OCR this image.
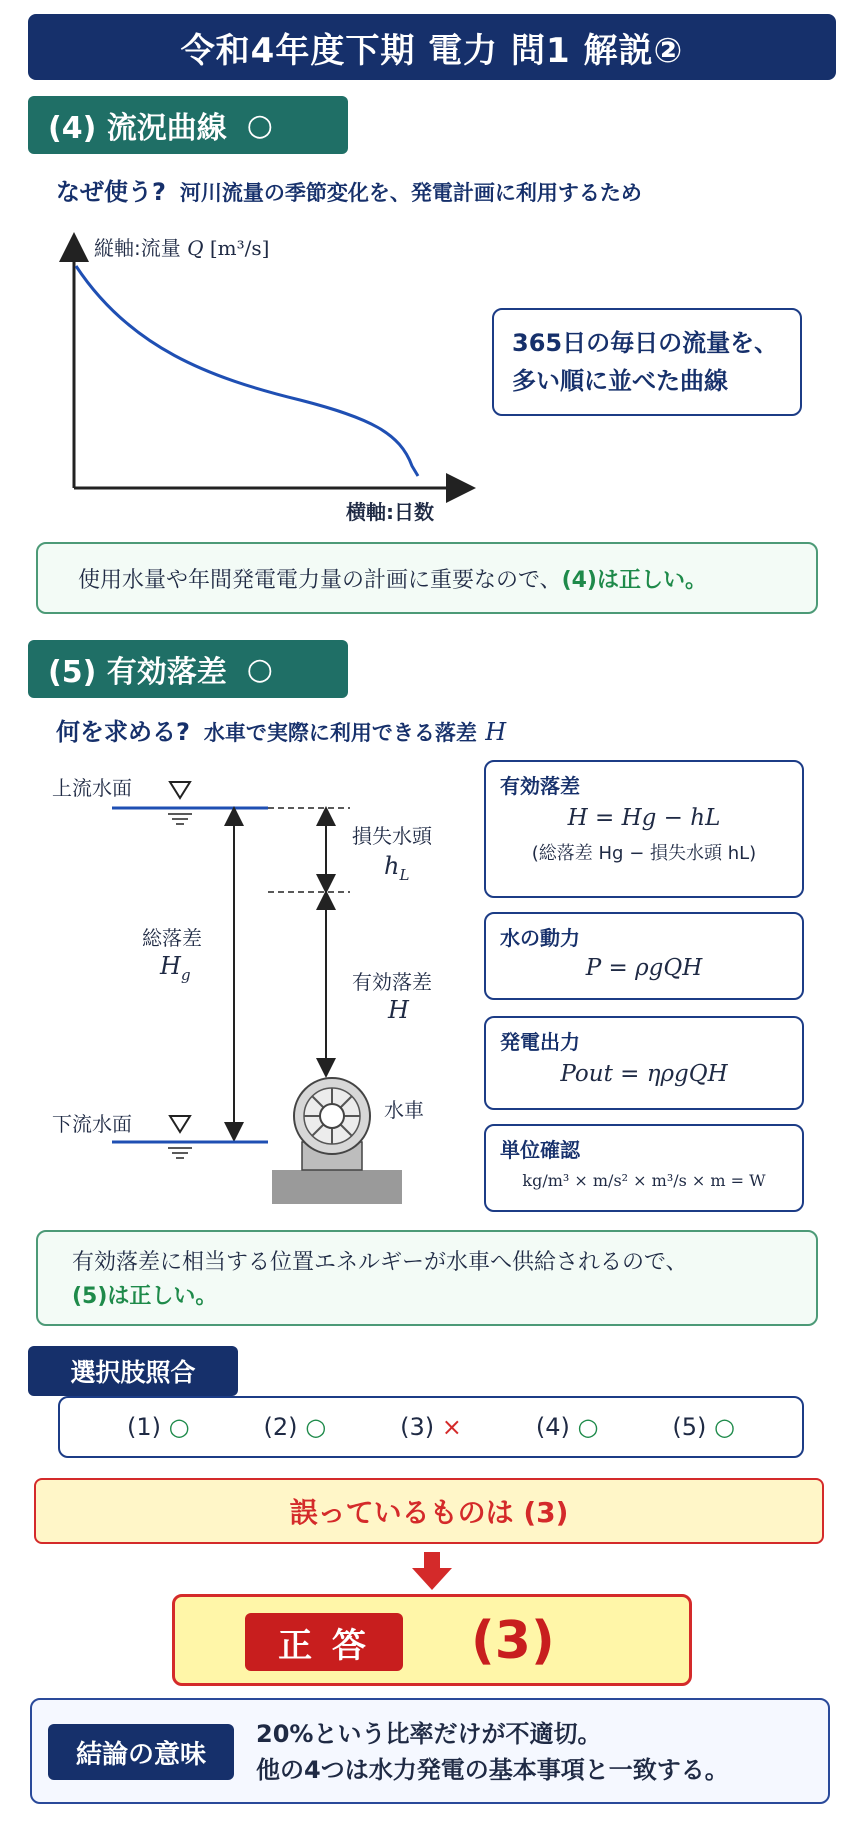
令和4年度下期 電力 問1 解説②
(4) 流況曲線 ○
なぜ使う? 河川流量の季節変化を、発電計画に利用するため
縦軸:流量 Q [m³/s]
横軸:日数
365日の毎日の流量を、
多い順に並べた曲線
使用水量や年間発電電力量の計画に重要なので、 (4)は正しい。
(5) 有効落差 ○
何を求める? 水車で実際に利用できる落差 H
上流水面
下流水面
損失水頭
$h_L$
総落差
$H_g$	有効落差
H
水車
有効落差
H = Hg − hL
(総落差 Hg − 損失水頭 hL)
水の動力
P = ρgQH
発電出力
Pout = ηρgQH
単位確認
kg/m³ × m/s² × m³/s × m = W
有効落差に相当する位置エネルギーが水車へ供給されるので、
(5)は正しい。
選択肢照合
(1) ○	(2) ○	(3) ×	(4) ○	(5) ○
誤っているものは (3)
正 答	(3)
結論の意味
20%という比率だけが不適切。
他の4つは水力発電の基本事項と一致する。
